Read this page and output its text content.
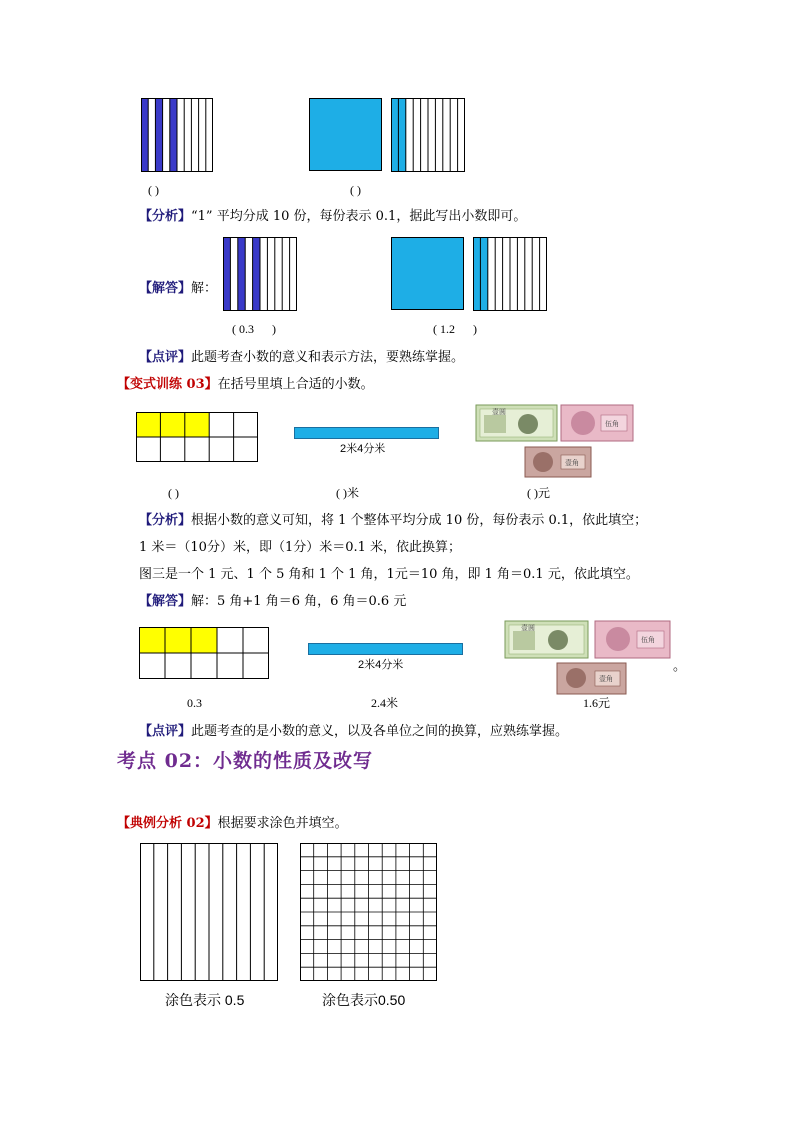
( )	( )
【分析】“1” 平均分成 10 份，每份表示 0.1，据此写出小数即可。
【解答】解：
( 0.3 )	( 1.2 )
【点评】此题考查小数的意义和表示方法，要熟练掌握。
【变式训练 03】在括号里填上合适的小数。
2米4分米
壹圆
伍角
壹角
( )	( )米	( )元
【分析】根据小数的意义可知，将 1 个整体平均分成 10 份，每份表示 0.1，依此填空；
1 米＝（10分）米，即（1分）米＝0.1 米，依此换算；
图三是一个 1 元、1 个 5 角和 1 个 1 角，1元＝10 角，即 1 角＝0.1 元，依此填空。
【解答】解：5 角+1 角＝6 角，6 角＝0.6 元
2米4分米
壹圆
伍角
壹角
。
0.3	2.4米	1.6元
【点评】此题考查的是小数的意义，以及各单位之间的换算，应熟练掌握。
考点 02：小数的性质及改写
【典例分析 02】根据要求涂色并填空。
涂色表示 0.5	涂色表示0.50
